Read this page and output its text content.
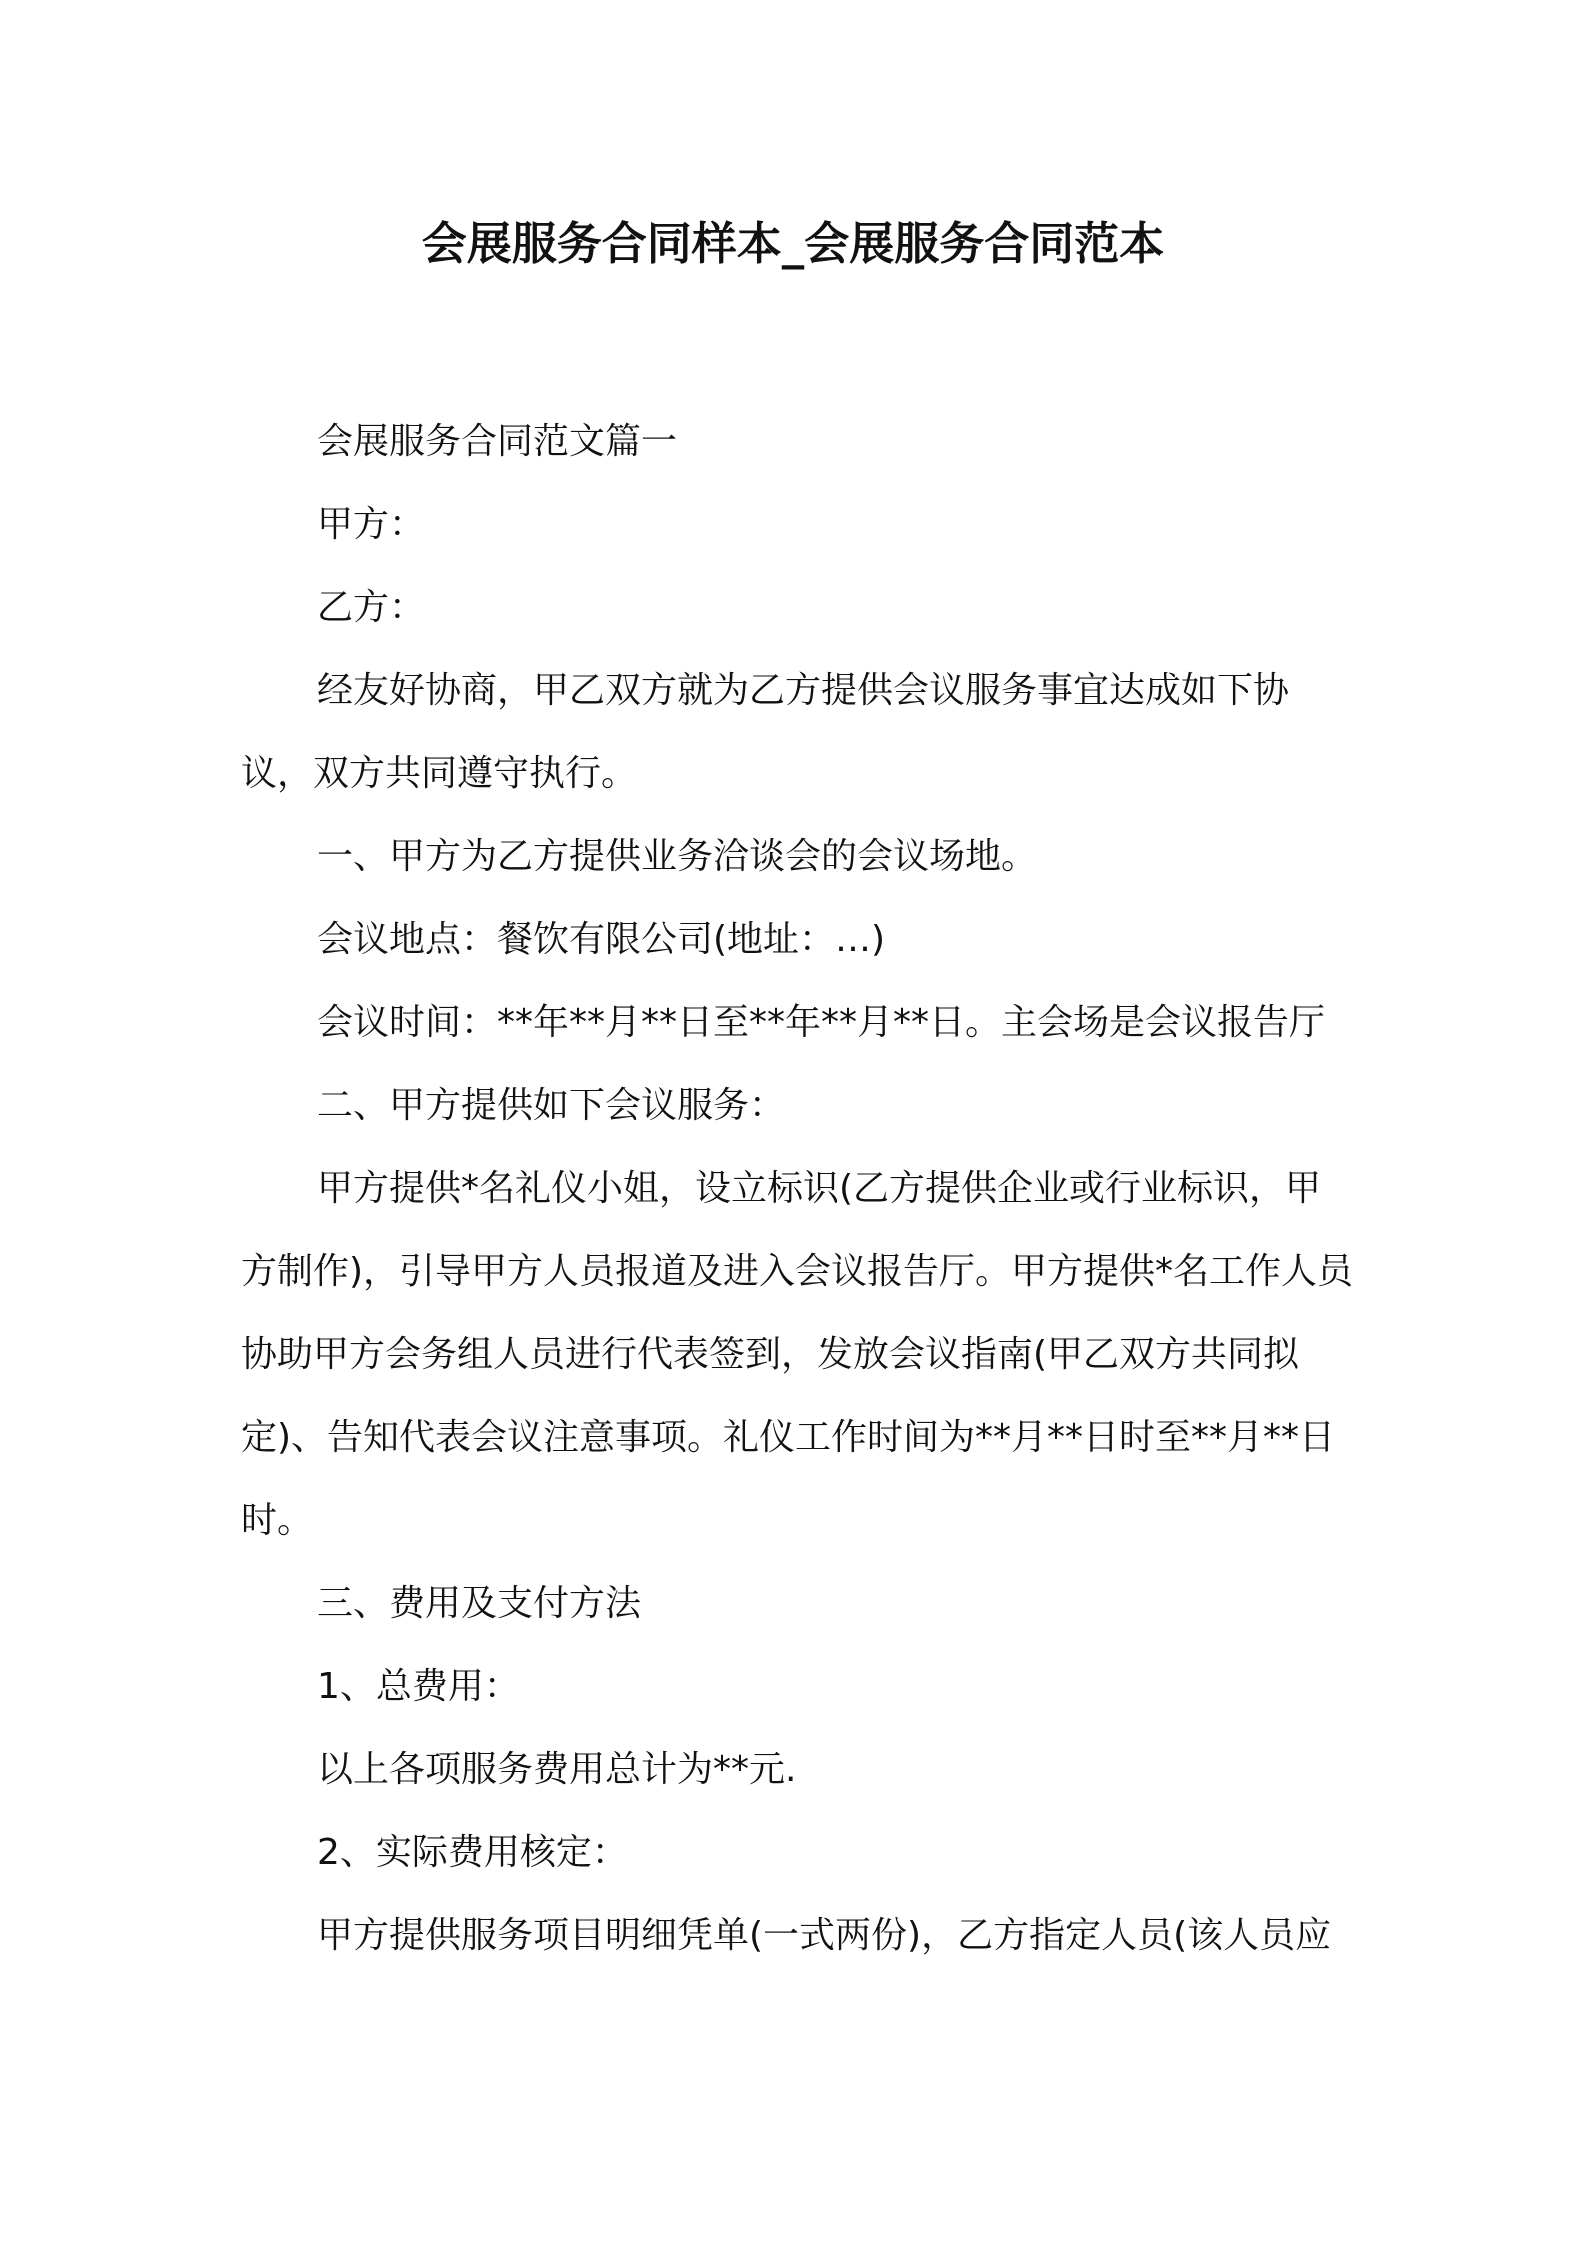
会展服务合同样本_会展服务合同范本

会展服务合同范文篇一

甲方：

乙方：

经友好协商，甲乙双方就为乙方提供会议服务事宜达成如下协议，双方共同遵守执行。

一、甲方为乙方提供业务洽谈会的会议场地。

会议地点：餐饮有限公司(地址：…)

会议时间：**年**月**日至**年**月**日。主会场是会议报告厅

二、甲方提供如下会议服务：

甲方提供*名礼仪小姐，设立标识(乙方提供企业或行业标识，甲方制作)，引导甲方人员报道及进入会议报告厅。甲方提供*名工作人员协助甲方会务组人员进行代表签到，发放会议指南(甲乙双方共同拟定)、告知代表会议注意事项。礼仪工作时间为**月**日时至**月**日时。

三、费用及支付方法

1、总费用：

以上各项服务费用总计为**元.

2、实际费用核定：

甲方提供服务项目明细凭单(一式两份)，乙方指定人员(该人员应
